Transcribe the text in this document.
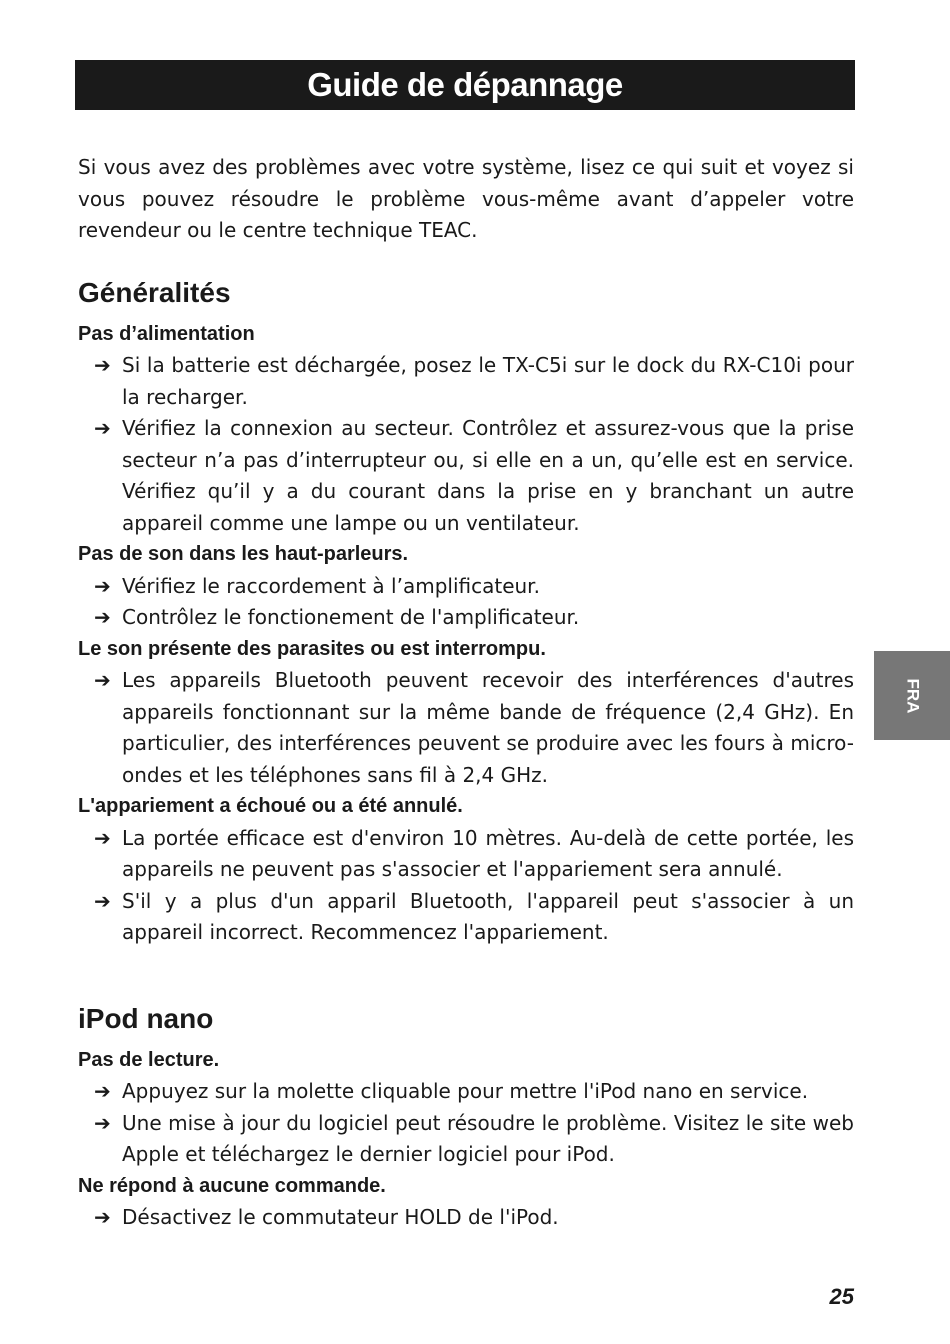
Guide de dépannage

Si vous avez des problèmes avec votre système, lisez ce qui suit et voyez si vous pouvez résoudre le problème vous-même avant d’appeler votre revendeur ou le centre technique TEAC.

Généralités
Pas d’alimentation
➔ Si la batterie est déchargée, posez le TX-C5i sur le dock du RX-C10i pour la recharger.
➔ Vérifiez la connexion au secteur. Contrôlez et assurez-vous que la prise secteur n’a pas d’interrupteur ou, si elle en a un, qu’elle est en service. Vérifiez qu’il y a du courant dans la prise en y branchant un autre appareil comme une lampe ou un ventilateur.
Pas de son dans les haut-parleurs.
➔ Vérifiez le raccordement à l’amplificateur.
➔ Contrôlez le fonctionement de l'amplificateur.
Le son présente des parasites ou est interrompu.
➔ Les appareils Bluetooth peuvent recevoir des interférences d'autres appareils fonctionnant sur la même bande de fréquence (2,4 GHz). En particulier, des interférences peuvent se produire avec les fours à micro-ondes et les téléphones sans fil à 2,4 GHz.
L'appariement a échoué ou a été annulé.
➔ La portée efficace est d'environ 10 mètres. Au-delà de cette portée, les appareils ne peuvent pas s'associer et l'appariement sera annulé.
➔ S'il y a plus d'un apparil Bluetooth, l'appareil peut s'associer à un appareil incorrect. Recommencez l'appariement.
iPod nano
Pas de lecture.
➔ Appuyez sur la molette cliquable pour mettre l'iPod nano en service.
➔ Une mise à jour du logiciel peut résoudre le problème. Visitez le site web Apple et téléchargez le dernier logiciel pour iPod.
Ne répond à aucune commande.
➔ Désactivez le commutateur HOLD de l'iPod.
FRA
25
